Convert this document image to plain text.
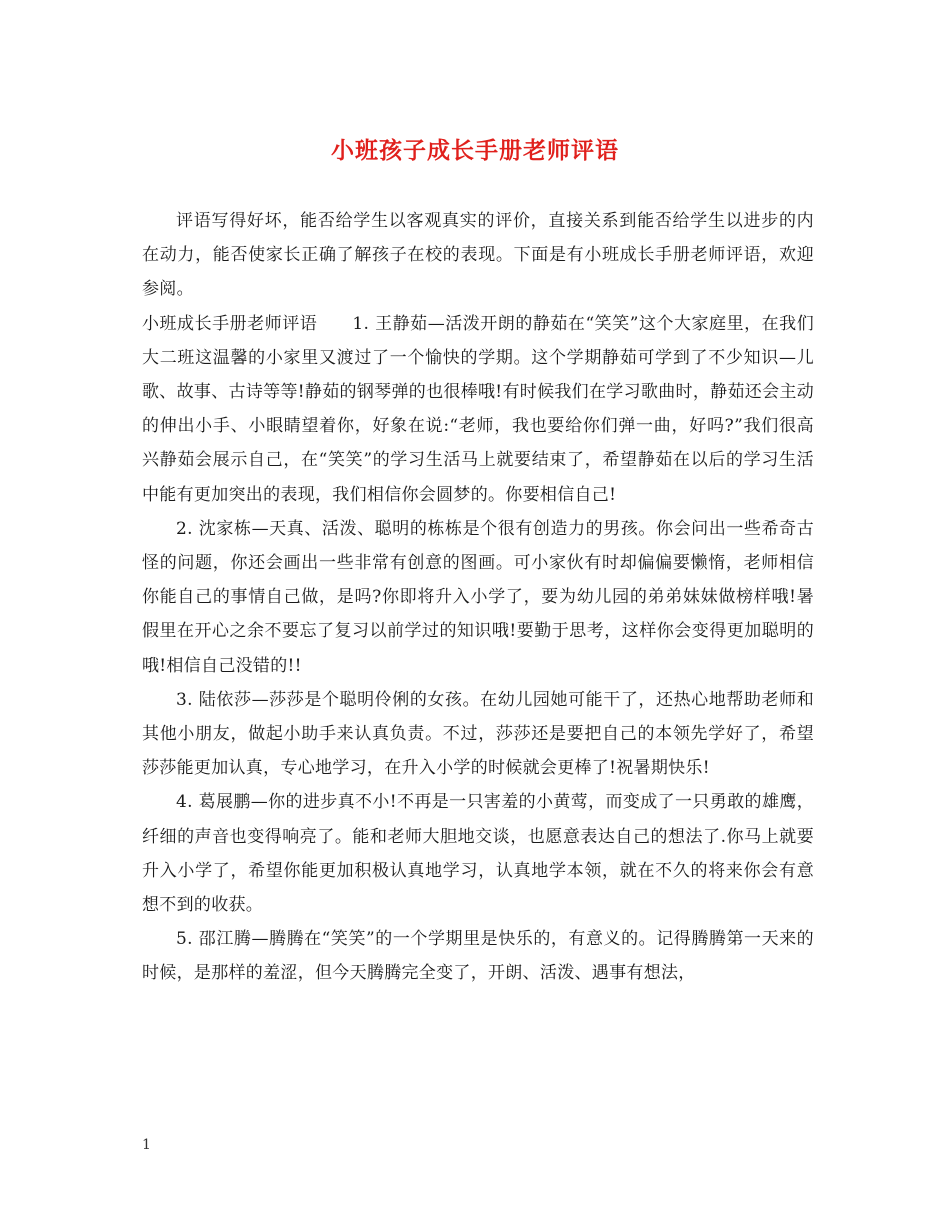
小班孩子成长手册老师评语

评语写得好坏，能否给学生以客观真实的评价，直接关系到能否给学生以进步的内在动力，能否使家长正确了解孩子在校的表现。下面是有小班成长手册老师评语，欢迎参阅。

小班成长手册老师评语　　 1. 王静茹—活泼开朗的静茹在“笑笑”这个大家庭里，在我们大二班这温馨的小家里又渡过了一个愉快的学期。这个学期静茹可学到了不少知识—儿歌、故事、古诗等等!静茹的钢琴弹的也很棒哦!有时候我们在学习歌曲时，静茹还会主动的伸出小手、小眼睛望着你，好象在说:“老师，我也要给你们弹一曲，好吗?”我们很高兴静茹会展示自己，在“笑笑”的学习生活马上就要结束了，希望静茹在以后的学习生活中能有更加突出的表现，我们相信你会圆梦的。你要相信自己!

2. 沈家栋—天真、活泼、聪明的栋栋是个很有创造力的男孩。你会问出一些希奇古怪的问题，你还会画出一些非常有创意的图画。可小家伙有时却偏偏要懒惰，老师相信你能自己的事情自己做，是吗?你即将升入小学了，要为幼儿园的弟弟妹妹做榜样哦!暑假里在开心之余不要忘了复习以前学过的知识哦!要勤于思考，这样你会变得更加聪明的哦!相信自己没错的!!

3. 陆依莎—莎莎是个聪明伶俐的女孩。在幼儿园她可能干了，还热心地帮助老师和其他小朋友，做起小助手来认真负责。不过，莎莎还是要把自己的本领先学好了，希望莎莎能更加认真，专心地学习，在升入小学的时候就会更棒了!祝暑期快乐!

4. 葛展鹏—你的进步真不小!不再是一只害羞的小黄莺，而变成了一只勇敢的雄鹰，纤细的声音也变得响亮了。能和老师大胆地交谈，也愿意表达自己的想法了.你马上就要升入小学了，希望你能更加积极认真地学习，认真地学本领，就在不久的将来你会有意想不到的收获。

5. 邵江腾—腾腾在“笑笑”的一个学期里是快乐的，有意义的。记得腾腾第一天来的时候，是那样的羞涩，但今天腾腾完全变了，开朗、活泼、遇事有想法，

1
